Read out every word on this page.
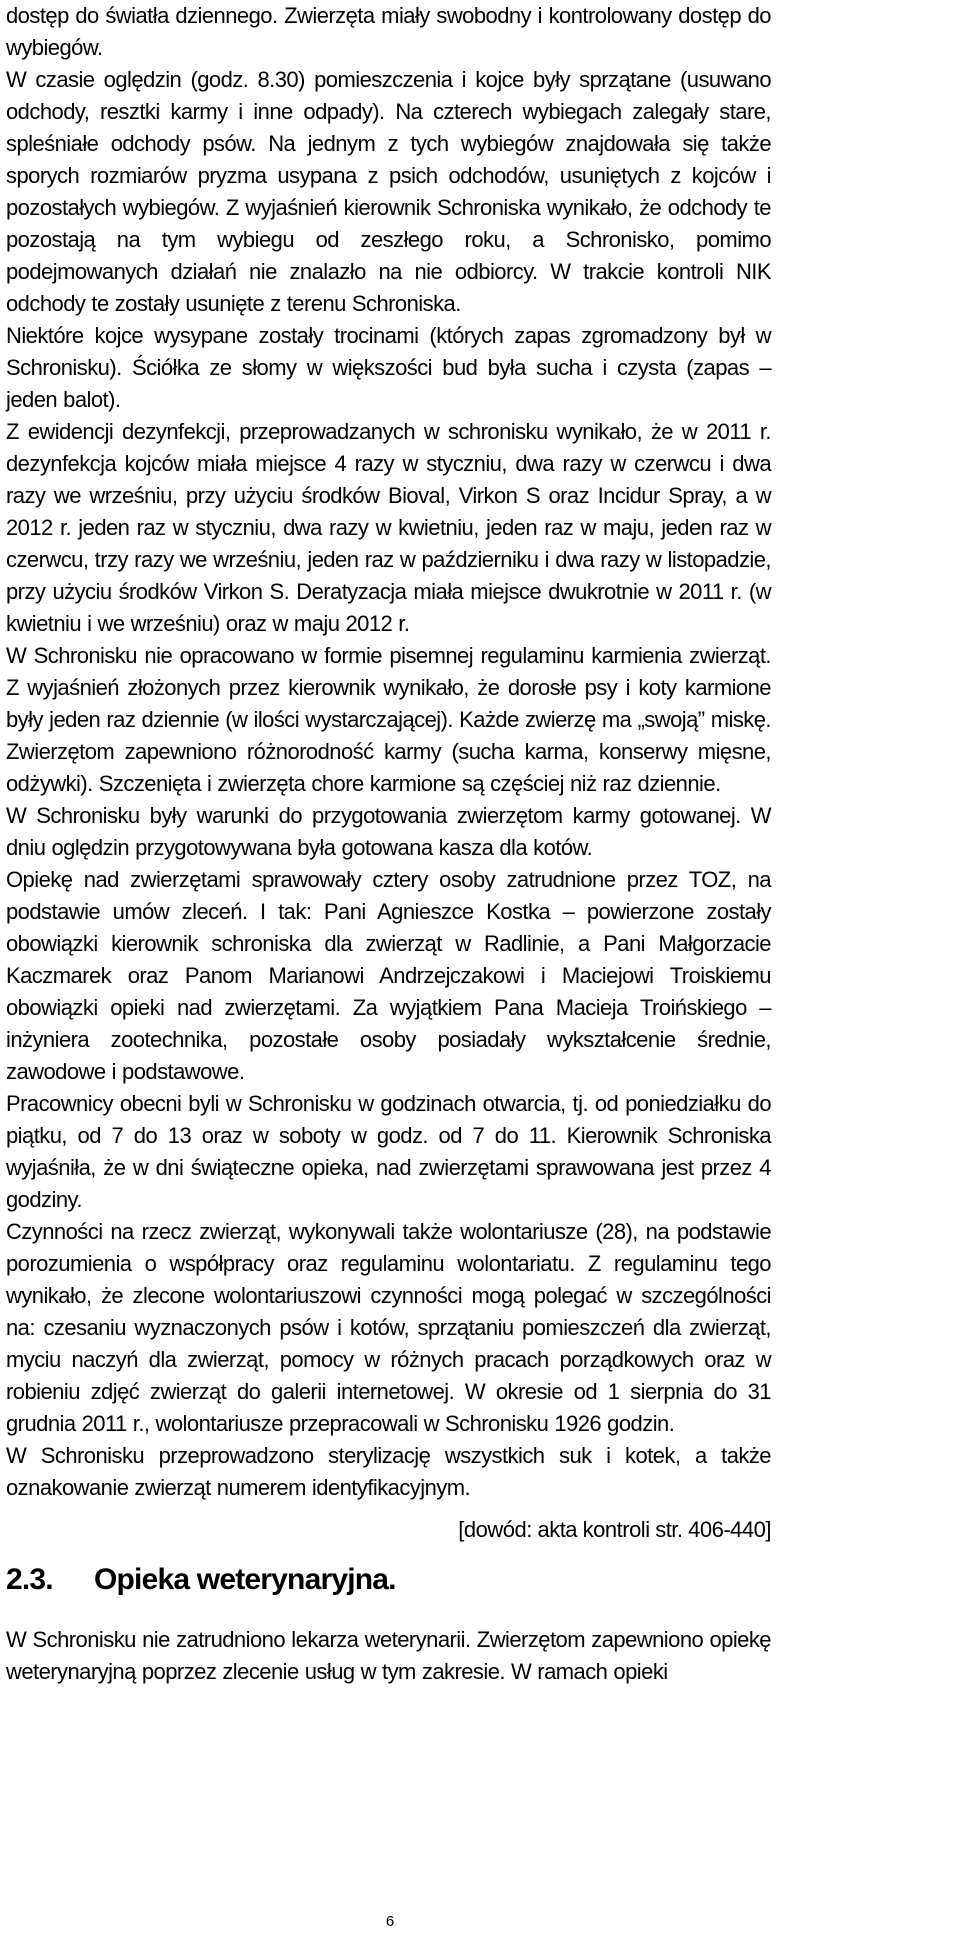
dostęp do światła dziennego. Zwierzęta miały swobodny i kontrolowany dostęp do wybiegów.

W czasie oględzin (godz. 8.30) pomieszczenia i kojce były sprzątane (usuwano odchody, resztki karmy i inne odpady). Na czterech wybiegach zalegały stare, spleśniałe odchody psów. Na jednym z tych wybiegów znajdowała się także sporych rozmiarów pryzma usypana z psich odchodów, usuniętych z kojców i pozostałych wybiegów. Z wyjaśnień kierownik Schroniska wynikało, że odchody te pozostają na tym wybiegu od zeszłego roku, a Schronisko, pomimo podejmowanych działań nie znalazło na nie odbiorcy. W trakcie kontroli NIK odchody te zostały usunięte z terenu Schroniska.

Niektóre kojce wysypane zostały trocinami (których zapas zgromadzony był w Schronisku). Ściółka ze słomy w większości bud była sucha i czysta (zapas – jeden balot).

Z ewidencji dezynfekcji, przeprowadzanych w schronisku wynikało, że w 2011 r. dezynfekcja kojców miała miejsce 4 razy w styczniu, dwa razy w czerwcu i dwa razy we wrześniu, przy użyciu środków Bioval, Virkon S oraz Incidur Spray, a w 2012 r. jeden raz w styczniu, dwa razy w kwietniu, jeden raz w maju, jeden raz w czerwcu, trzy razy we wrześniu, jeden raz w październiku i dwa razy w listopadzie, przy użyciu środków Virkon S. Deratyzacja miała miejsce dwukrotnie w 2011 r. (w kwietniu i we wrześniu) oraz w maju 2012 r.

W Schronisku nie opracowano w formie pisemnej regulaminu karmienia zwierząt. Z wyjaśnień złożonych przez kierownik wynikało, że dorosłe psy i koty karmione były jeden raz dziennie (w ilości wystarczającej). Każde zwierzę ma „swoją” miskę. Zwierzętom zapewniono różnorodność karmy (sucha karma, konserwy mięsne, odżywki). Szczenięta i zwierzęta chore karmione są częściej niż raz dziennie.

W Schronisku były warunki do przygotowania zwierzętom karmy gotowanej. W dniu oględzin przygotowywana była gotowana kasza dla kotów.

Opiekę nad zwierzętami sprawowały cztery osoby zatrudnione przez TOZ, na podstawie umów zleceń. I tak: Pani Agnieszce Kostka – powierzone zostały obowiązki kierownik schroniska dla zwierząt w Radlinie, a Pani Małgorzacie Kaczmarek oraz Panom Marianowi Andrzejczakowi i Maciejowi Troiskiemu obowiązki opieki nad zwierzętami. Za wyjątkiem Pana Macieja Troińskiego – inżyniera zootechnika, pozostałe osoby posiadały wykształcenie średnie, zawodowe i podstawowe.

Pracownicy obecni byli w Schronisku w godzinach otwarcia, tj. od poniedziałku do piątku, od 7 do 13 oraz w soboty w godz. od 7 do 11. Kierownik Schroniska wyjaśniła, że w dni świąteczne opieka, nad zwierzętami sprawowana jest przez 4 godziny.

Czynności na rzecz zwierząt, wykonywali także wolontariusze (28), na podstawie porozumienia o współpracy oraz regulaminu wolontariatu. Z regulaminu tego wynikało, że zlecone wolontariuszowi czynności mogą polegać w szczególności na: czesaniu wyznaczonych psów i kotów, sprzątaniu pomieszczeń dla zwierząt, myciu naczyń dla zwierząt, pomocy w różnych pracach porządkowych oraz w robieniu zdjęć zwierząt do galerii internetowej. W okresie od 1 sierpnia do 31 grudnia 2011 r., wolontariusze przepracowali w Schronisku 1926 godzin.

W Schronisku przeprowadzono sterylizację wszystkich suk i kotek, a także oznakowanie zwierząt numerem identyfikacyjnym.

[dowód: akta kontroli str. 406-440]

2.3. Opieka weterynaryjna.

W Schronisku nie zatrudniono lekarza weterynarii. Zwierzętom zapewniono opiekę weterynaryjną poprzez zlecenie usług w tym zakresie. W ramach opieki

6
